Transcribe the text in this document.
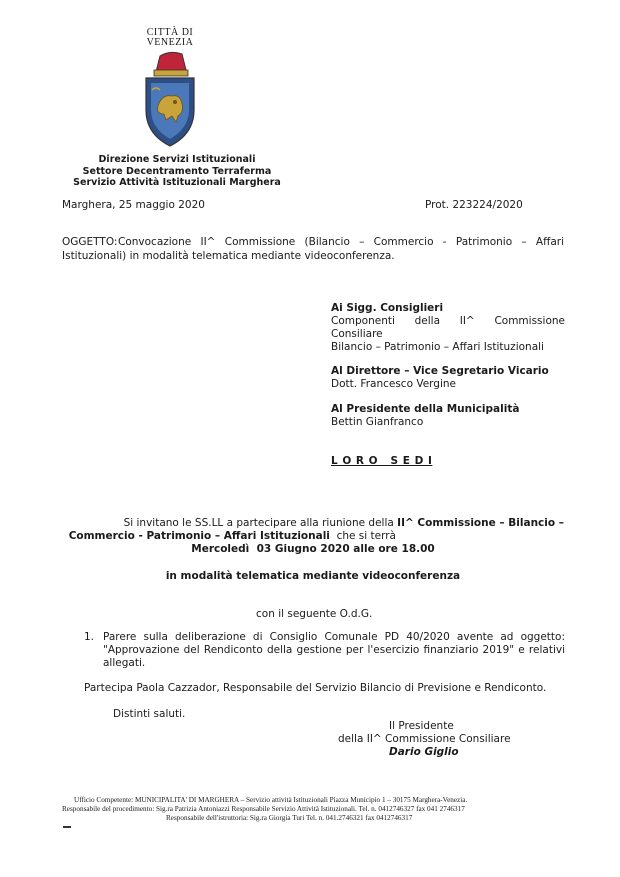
CITTÀ DI
VENEZIA
Direzione Servizi Istituzionali
Settore Decentramento Terraferma
Servizio Attività Istituzionali Marghera
Marghera, 25 maggio 2020	Prot. 223224/2020
OGGETTO: Convocazione II^ Commissione (Bilancio – Commercio - Patrimonio – Affari
Istituzionali) in modalità telematica mediante videoconferenza.
Ai Sigg. Consiglieri
Componenti della II^ Commissione
Consiliare
Bilancio – Patrimonio – Affari Istituzionali
Al Direttore – Vice Segretario Vicario
Dott. Francesco Vergine
Al Presidente della Municipalità
Bettin Gianfranco
L O R O   S E D I

Si invitano le SS.LL a partecipare alla riunione della II^ Commissione – Bilancio –

Commercio - Patrimonio – Affari Istituzionali  che si terrà

Mercoledì  03 Giugno 2020 alle ore 18.00
in modalità telematica mediante videoconferenza
con il seguente O.d.G.
1. Parere sulla deliberazione di Consiglio Comunale PD 40/2020 avente ad oggetto:
"Approvazione del Rendiconto della gestione per l'esercizio finanziario 2019" e relativi
allegati.
Partecipa Paola Cazzador, Responsabile del Servizio Bilancio di Previsione e Rendiconto.
Distinti saluti.
Il Presidente
della II^ Commissione Consiliare
Dario Giglio
Ufficio Competente: MUNICIPALITA' DI MARGHERA – Servizio attività Istituzionali Piazza Municipio 1 – 30175 Marghera-Venezia.
Responsabile del procedimento: Sig.ra Patrizia Antoniazzi Responsabile Servizio Attività Istituzionali. Tel. n. 0412746327 fax 041 2746317
Responsabile dell'istruttoria: Sig.ra Giorgia Turi Tel. n. 041.2746321 fax 0412746317
